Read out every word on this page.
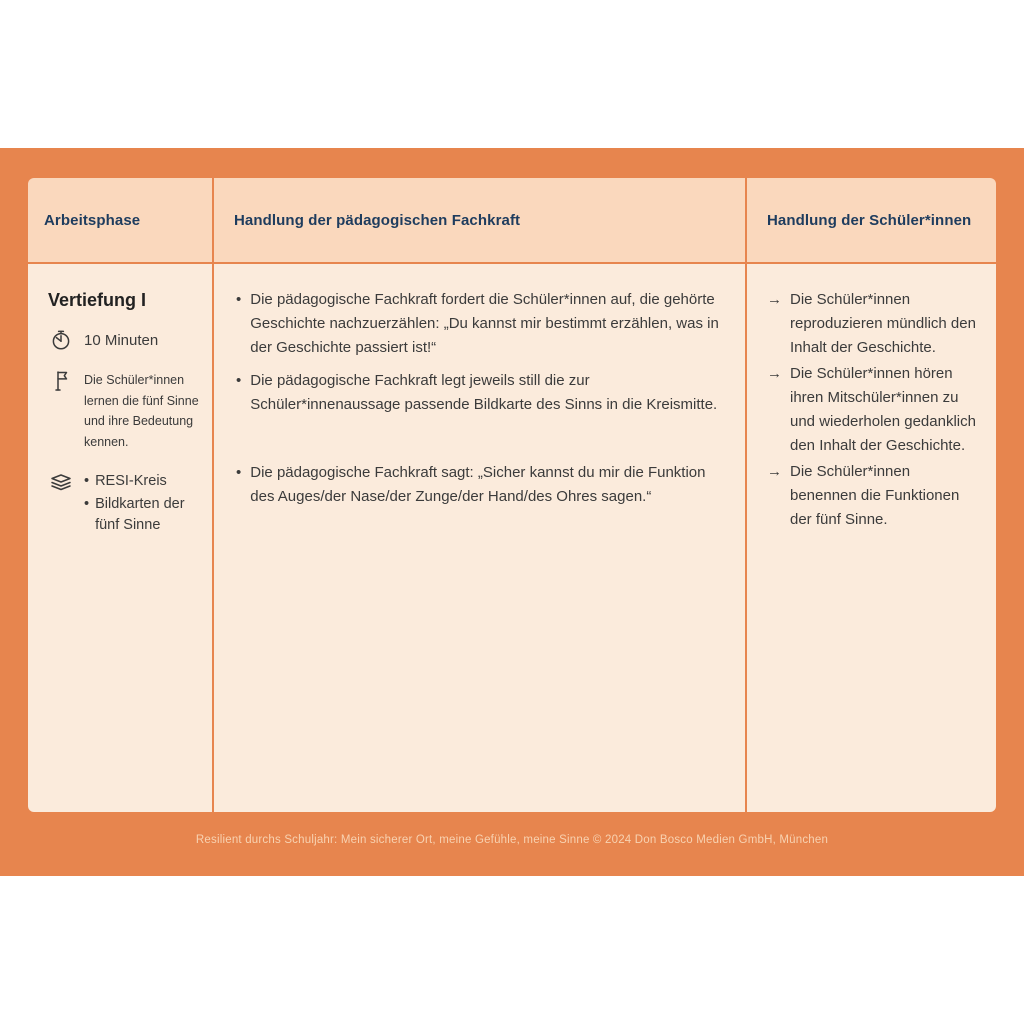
Arbeitsphase	Handlung der pädagogischen Fachkraft	Handlung der Schüler*innen
Vertiefung I
10 Minuten
Die Schüler*innen lernen die fünf Sinne und ihre Bedeutung kennen.
• RESI-Kreis
• Bildkarten der fünf Sinne
• Die pädagogische Fachkraft fordert die Schüler*innen auf, die gehörte Geschichte nachzuerzählen: „Du kannst mir bestimmt erzählen, was in der Geschichte passiert ist!“
• Die pädagogische Fachkraft legt jeweils still die zur Schüler*innenaussage passende Bildkarte des Sinns in die Kreismitte.
• Die pädagogische Fachkraft sagt: „Sicher kannst du mir die Funktion des Auges/der Nase/der Zunge/der Hand/des Ohres sagen.“
→ Die Schüler*innen reproduzieren mündlich den Inhalt der Geschichte.
→ Die Schüler*innen hören ihren Mitschüler*innen zu und wiederholen gedanklich den Inhalt der Geschichte.
→ Die Schüler*innen benennen die Funktionen der fünf Sinne.
Resilient durchs Schuljahr: Mein sicherer Ort, meine Gefühle, meine Sinne © 2024 Don Bosco Medien GmbH, München
